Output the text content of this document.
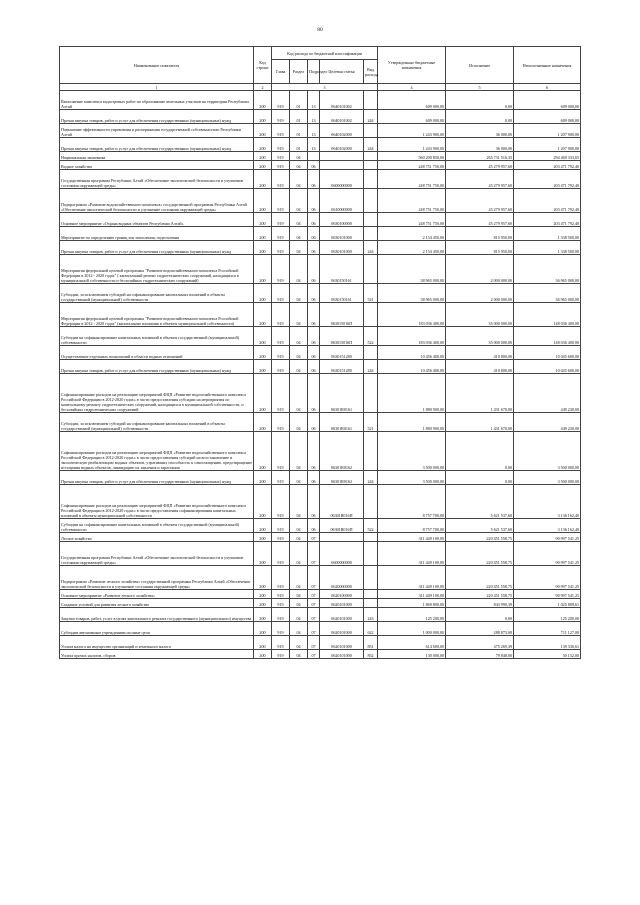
80
Наименование показателя	Код строки	Код расхода по бюджетной классификации					Утвержденные бюджетные назначения	Исполнение	Неисполненные назначения
		Глава	Раздел	Подраздел	Целевая статья	Вид расхода			
1	2	3					4	5	6
Выполнение комплекса кадастровых работ по образованию земельных участков на территории Республики Алтай	200	919	01	13	0640101002		609 000,00	0,00	609 000,00
Прочая закупка товаров, работ и услуг для обеспечения государственных (муниципальных) нужд	200	919	01	13	0640101002	244	609 000,00	0,00	609 000,00
Повышение эффективности управления и распоряжения государственной собственностью Республики Алтай	200	919	01	13	0640102000		1 243 900,00	36 000,00	1 207 900,00
Прочая закупка товаров, работ и услуг для обеспечения государственных (муниципальных) нужд	200	919	01	13	0640102000	244	1 243 900,00	36 000,00	1 207 900,00
Национальная экономика	200	919	04				560 200 850,00	265 731 516,35	294 469 333,65
Водное хозяйство	200	919	04	06			248 751 750,00	45 279 957,60	203 471 792,40
Государственная программа Республики Алтай «Обеспечение экологической безопасности и улучшение состояния окружающей среды»	200	919	04	06	0600000000		248 751 750,00	45 279 957,60	203 471 792,40
Подпрограмма «Развитие водохозяйственного комплекса» государственной программы Республики Алтай «Обеспечение экологической безопасности и улучшение состояния окружающей среды»	200	919	04	06	0610000000		248 751 750,00	45 279 957,60	203 471 792,40
Основное мероприятие «Охрана водных объектов Республики Алтай»	200	919	04	06	0630100000		248 751 750,00	45 279 957,60	203 471 792,40
Мероприятие по определению границ зон затопления, подтопления	200	919	04	06	0630101000		2 154 450,00	815 950,00	1 338 500,00
Прочая закупка товаров, работ и услуг для обеспечения государственных (муниципальных) нужд	200	919	04	06	0630101000	244	2 154 450,00	815 950,00	1 338 500,00
Мероприятия федеральной целевой программы "Развитие водохозяйственного комплекса Российской Федерации в 2012 - 2020 годах" ( капитальный ремонт гидротехнических сооружений, находящихся в муниципальной собственности и бесхозяйных гидротехнических сооружений)	200	919	04	06	0630150161		38 965 000,00	2 000 000,00	36 965 000,00
Субсидии, за исключением субсидий на софинансирование капитальных вложений в объекты государственной (муниципальной) собственности	200	919	04	06	0630150161	521	38 965 000,00	2 000 000,00	36 965 000,00
Мероприятия федеральной целевой программы "Развитие водохозяйственного комплекса Российской Федерации в 2012 - 2020 годах" (капитальные вложения в объекты муниципальной собственности)	200	919	04	06	063015016П		183 036 400,00	35 000 000,00	148 036 400,00
Субсидии на софинансирование капитальных вложений в объекты государственной (муниципальной) собственности	200	919	04	06	063015016П	522	183 036 400,00	35 000 000,00	148 036 400,00
Осуществление отдельных полномочий в области водных отношений	200	919	04	06	0630151280		10 456 400,00	410 800,00	10 045 600,00
Прочая закупка товаров, работ и услуг для обеспечения государственных (муниципальных) нужд	200	919	04	06	0630151280	244	10 456 400,00	410 800,00	10 045 600,00
Софинансирование расходов на реализацию мероприятий ФЦП «Развитие водохозяйственного комплекса Российской Федерации в 2012-2020 годах» в части предоставления субсидии на мероприятия по капитальному ремонту гидротехнических сооружений, находящихся в муниципальной собственности, и бесхозяйных гидротехнических сооружений	200	919	04	06	06301R0161		1 880 900,00	1 431 670,00	449 230,00
Субсидии, за исключением субсидий на софинансирование капитальных вложений в объекты государственной (муниципальной) собственности	200	919	04	06	06301R0161	521	1 880 900,00	1 431 670,00	449 230,00
Софинансирование расходов на реализацию мероприятий ФЦП «Развитие водохозяйственного комплекса Российской Федерации в 2012-2020 годах» в части предоставления субсидий на восстановление и экологическую реабилитацию водных объектов, утративших способность к самоочищению, предотвращение истощения водных объектов, ликвидацию их заиления и зарастания	200	919	04	06	06301R0162		3 500 000,00	0,00	3 500 000,00
Прочая закупка товаров, работ и услуг для обеспечения государственных (муниципальных) нужд	200	919	04	06	06301R0162	244	3 500 000,00	0,00	3 500 000,00
Софинансирование расходов на реализацию мероприятий ФЦП «Развитие водохозяйственного комплекса Российской Федерации в 2012-2020 годах» в части предоставления софинансирования капитальных вложений в объекты муниципальной собственности	200	919	04	06	06301R016П		8 757 700,00	5 621 537,60	3 136 162,40
Субсидии на софинансирование капитальных вложений в объекты государственной (муниципальной) собственности	200	919	04	06	06301R016П	522	8 757 700,00	5 621 537,60	3 136 162,40
Лесное хозяйство	200	919	04	07			311 449 100,00	220 451 558,75	90 997 541,25
Государственная программа Республики Алтай «Обеспечение экологической безопасности и улучшение состояния окружающей среды»	200	919	04	07	0600000000		311 449 100,00	220 451 558,75	90 997 541,25
Подпрограмма «Развитие лесного хозяйства» государственной программы Республики Алтай «Обеспечение экологической безопасности и улучшение состояния окружающей среды»	200	919	04	07	0620000000		311 449 100,00	220 451 558,75	90 997 541,25
Основное мероприятие «Развитие лесного хозяйства»	200	919	04	07	0620100000		311 449 100,00	220 451 558,75	90 997 541,25
Создание условий для развития лесного хозяйства	200	919	04	07	0620101000		1 869 800,00	843 990,39	1 025 809,61
Закупка товаров, работ, услуг в целях капитального ремонта государственного (муниципального) имущества	200	919	04	07	0620101000	243	125 200,00	0,00	125 200,00
Субсидии автономным учреждениям на иные цели	200	919	04	07	0620101000	622	1 000 000,00	288 873,00	711 127,00
Уплата налога на имущество организаций и земельного налога	200	919	04	07	0620101000	851	614 600,00	475 269,39	139 330,61
Уплата прочих налогов, сборов	200	919	04	07	0620101000	852	130 000,00	79 848,00	50 152,00
